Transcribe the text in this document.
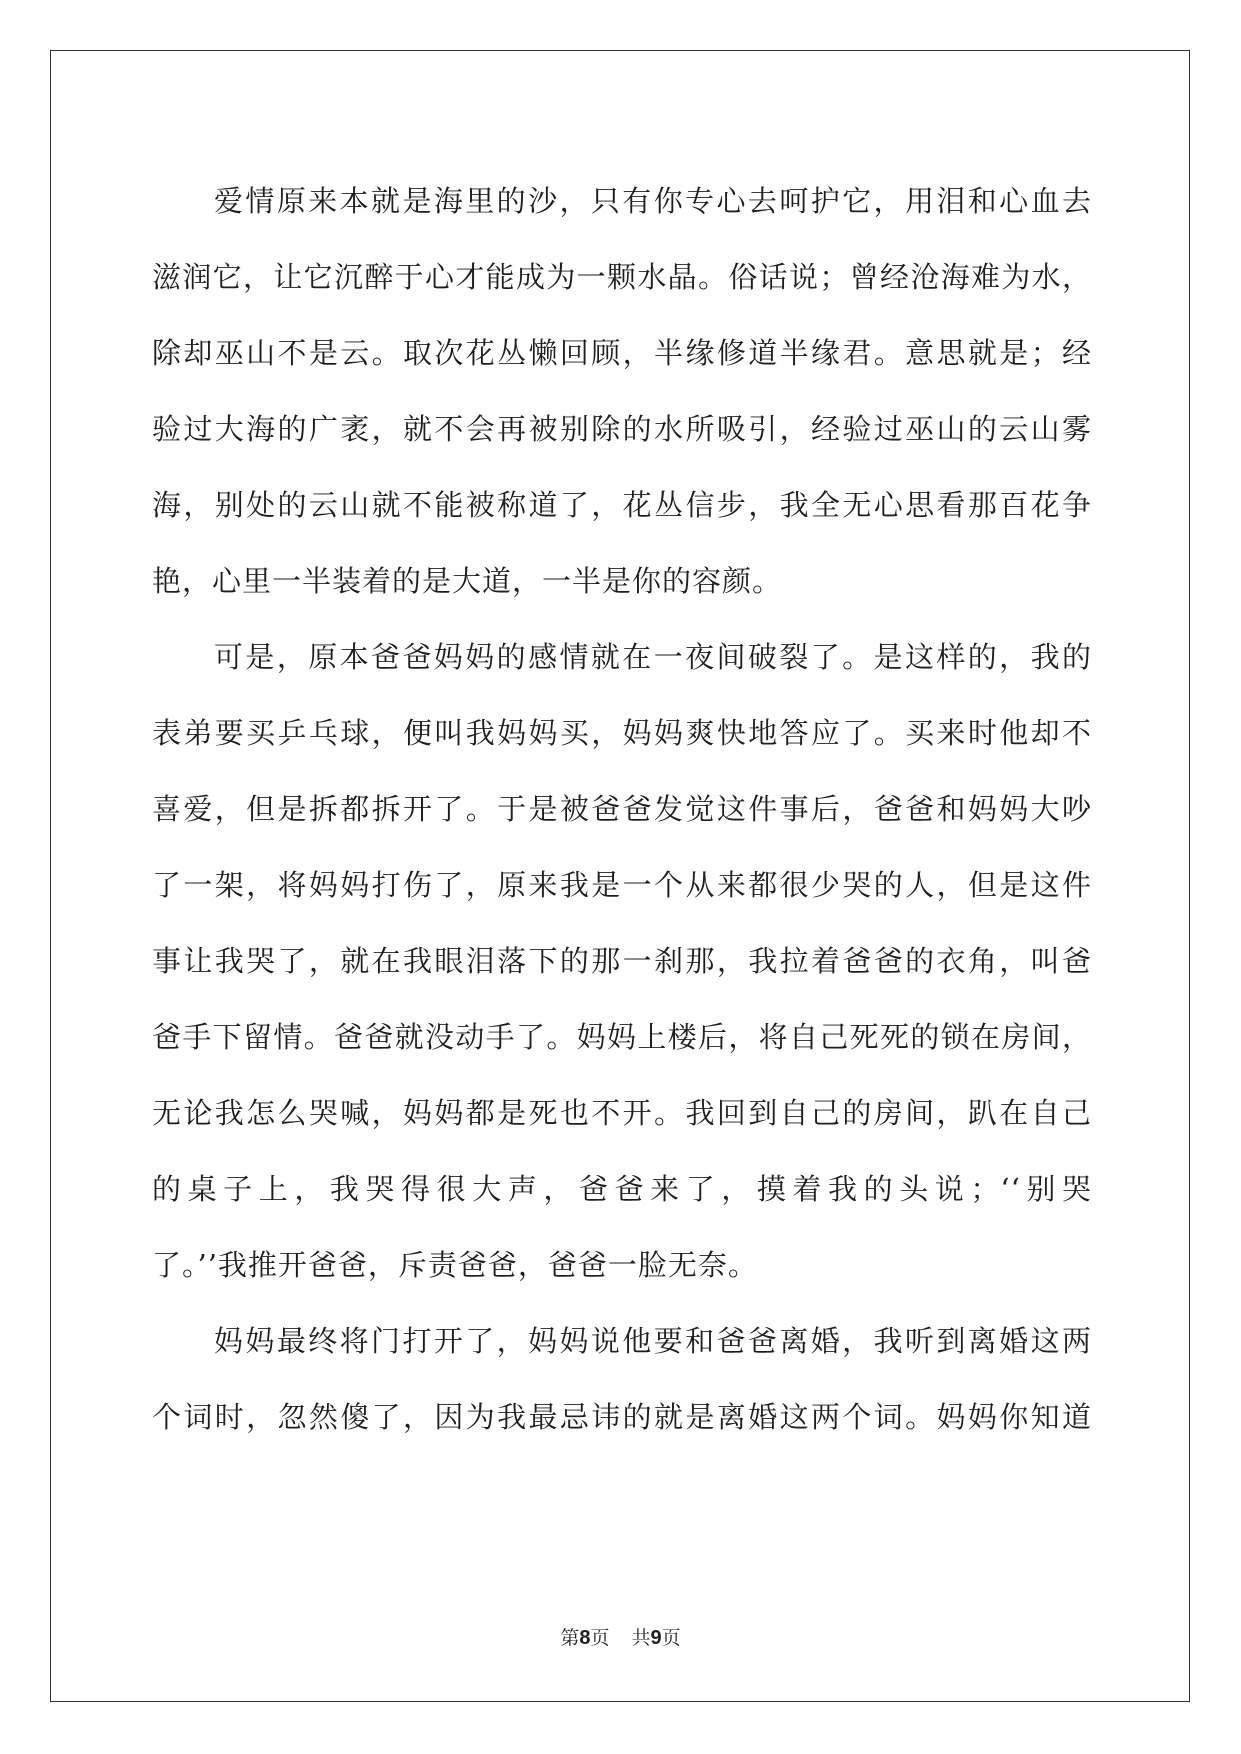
爱情原来本就是海里的沙，只有你专心去呵护它，用泪和心血去
滋润它，让它沉醉于心才能成为一颗水晶。俗话说；曾经沧海难为水，
除却巫山不是云。取次花丛懒回顾，半缘修道半缘君。意思就是；经
验过大海的广袤，就不会再被别除的水所吸引，经验过巫山的云山雾
海，别处的云山就不能被称道了，花丛信步，我全无心思看那百花争
艳，心里一半装着的是大道，一半是你的容颜。
可是，原本爸爸妈妈的感情就在一夜间破裂了。是这样的，我的
表弟要买乒乓球，便叫我妈妈买，妈妈爽快地答应了。买来时他却不
喜爱，但是拆都拆开了。于是被爸爸发觉这件事后，爸爸和妈妈大吵
了一架，将妈妈打伤了，原来我是一个从来都很少哭的人，但是这件
事让我哭了，就在我眼泪落下的那一刹那，我拉着爸爸的衣角，叫爸
爸手下留情。爸爸就没动手了。妈妈上楼后，将自己死死的锁在房间，
无论我怎么哭喊，妈妈都是死也不开。我回到自己的房间，趴在自己
的桌子上，我哭得很大声，爸爸来了，摸着我的头说；‘‘别哭
了。’’我推开爸爸，斥责爸爸，爸爸一脸无奈。
妈妈最终将门打开了，妈妈说他要和爸爸离婚，我听到离婚这两
个词时，忽然傻了，因为我最忌讳的就是离婚这两个词。妈妈你知道
第8页 共9页
